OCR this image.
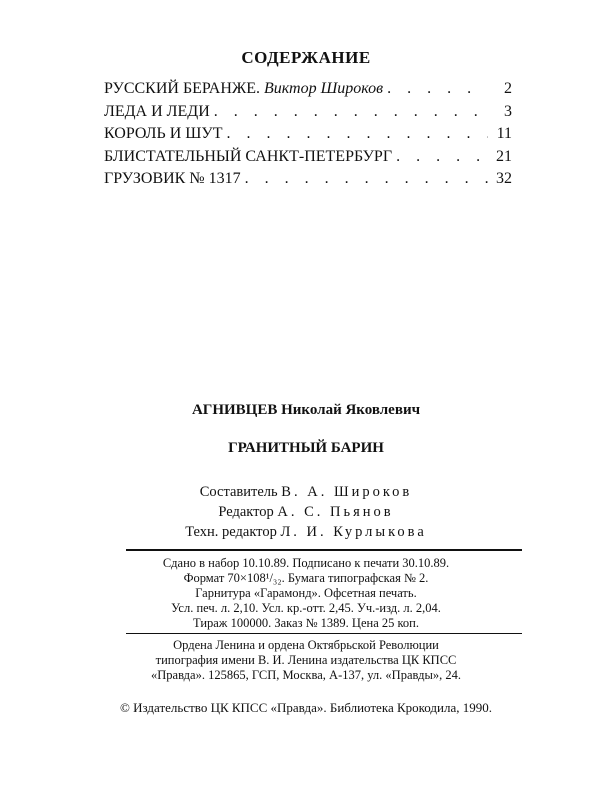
СОДЕРЖАНИЕ
РУССКИЙ БЕРАНЖЕ. Виктор Широков . . .	2
ЛЕДА И ЛЕДИ . . .	3
КОРОЛЬ И ШУТ . . .	11
БЛИСТАТЕЛЬНЫЙ САНКТ-ПЕТЕРБУРГ . . .	21
ГРУЗОВИК № 1317 . . .	32
АГНИВЦЕВ Николай Яковлевич
ГРАНИТНЫЙ БАРИН
Составитель В. А. Широков
Редактор А. С. Пьянов
Техн. редактор Л. И. Курлыкова
Сдано в набор 10.10.89. Подписано к печати 30.10.89.
Формат 70×108¹/₃₂. Бумага типографская № 2.
Гарнитура «Гарамонд». Офсетная печать.
Усл. печ. л. 2,10. Усл. кр.-отт. 2,45. Уч.-изд. л. 2,04.
Тираж 100000. Заказ № 1389. Цена 25 коп.
Ордена Ленина и ордена Октябрьской Революции
типография имени В. И. Ленина издательства ЦК КПСС
«Правда». 125865, ГСП, Москва, А-137, ул. «Правды», 24.
© Издательство ЦК КПСС «Правда». Библиотека Крокодила, 1990.
